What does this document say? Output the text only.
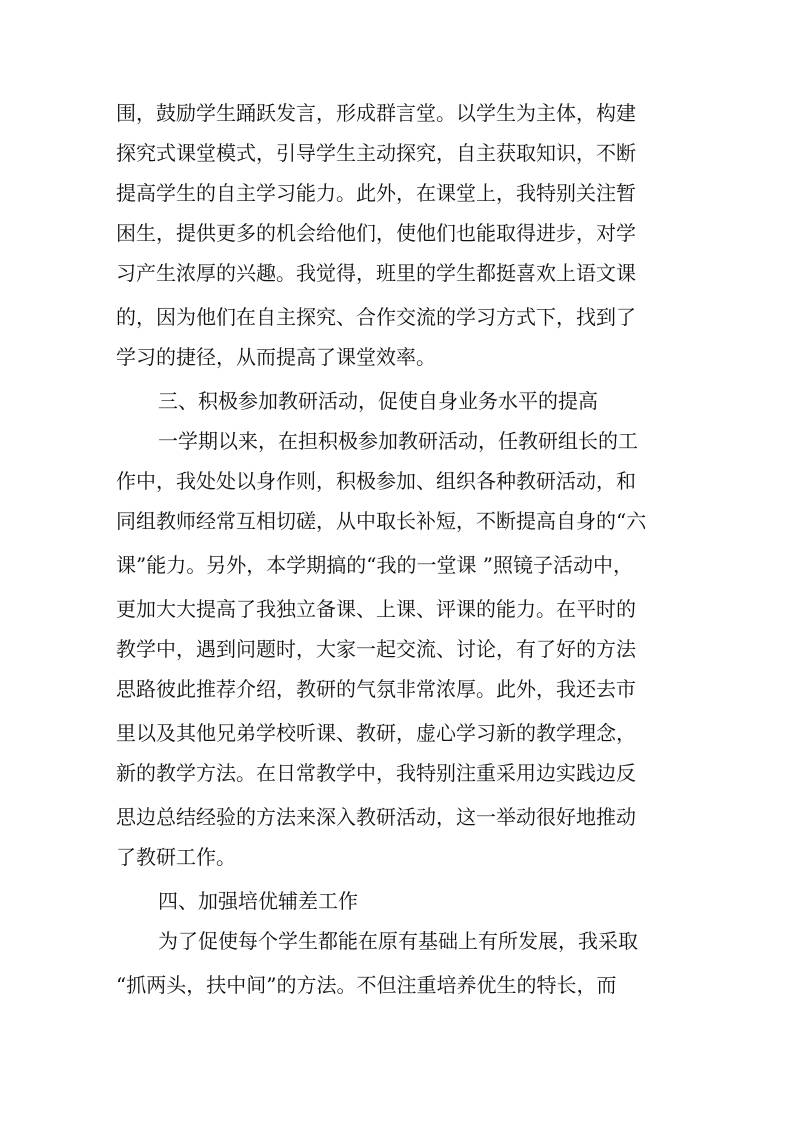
围，鼓励学生踊跃发言，形成群言堂。以学生为主体，构建
探究式课堂模式，引导学生主动探究，自主获取知识，不断
提高学生的自主学习能力。此外，在课堂上，我特别关注暂
困生，提供更多的机会给他们，使他们也能取得进步，对学
习产生浓厚的兴趣。我觉得，班里的学生都挺喜欢上语文课
的，因为他们在自主探究、合作交流的学习方式下，找到了
学习的捷径，从而提高了课堂效率。
三、积极参加教研活动，促使自身业务水平的提高
一学期以来，在担积极参加教研活动，任教研组长的工
作中，我处处以身作则，积极参加、组织各种教研活动，和
同组教师经常互相切磋，从中取长补短，不断提高自身的“六
课”能力。另外，本学期搞的“我的一堂课 ”照镜子活动中，
更加大大提高了我独立备课、上课、评课的能力。在平时的
教学中，遇到问题时，大家一起交流、讨论，有了好的方法
思路彼此推荐介绍，教研的气氛非常浓厚。此外，我还去市
里以及其他兄弟学校听课、教研，虚心学习新的教学理念，
新的教学方法。在日常教学中，我特别注重采用边实践边反
思边总结经验的方法来深入教研活动，这一举动很好地推动
了教研工作。
四、加强培优辅差工作
为了促使每个学生都能在原有基础上有所发展，我采取
“抓两头，扶中间”的方法。不但注重培养优生的特长，而
